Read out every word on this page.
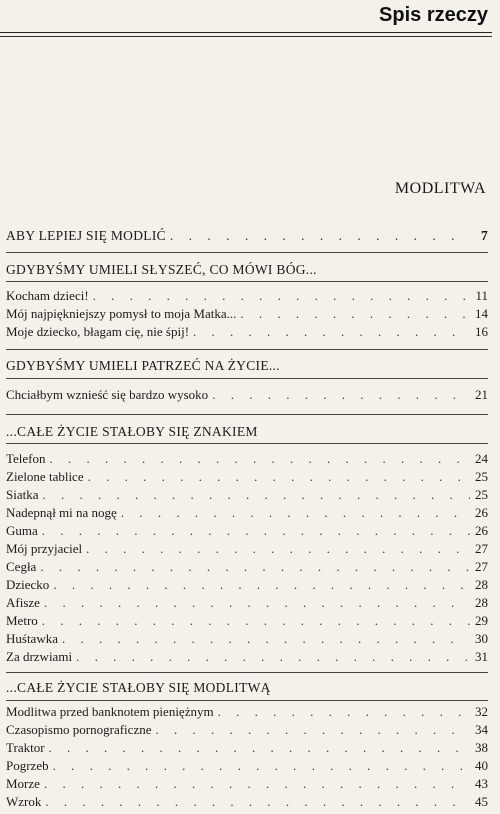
Spis rzeczy
MODLITWA
ABY LEPIEJ SIĘ MODLIĆ . . .	7
GDYBYŚMY UMIELI SŁYSZEĆ, CO MÓWI BÓG...
Kocham dzieci! . . .	11
Mój najpiękniejszy pomysł to moja Matka... . . .	14
Moje dziecko, błagam cię, nie śpij! . . .	16
GDYBYŚMY UMIELI PATRZEĆ NA ŻYCIE...
Chciałbym wznieść się bardzo wysoko . . .	21
...CAŁE ŻYCIE STAŁOBY SIĘ ZNAKIEM
Telefon . . .	24
Zielone tablice . . .	25
Siatka . . .	25
Nadepnął mi na nogę . . .	26
Guma . . .	26
Mój przyjaciel . . .	27
Cegła . . .	27
Dziecko . . .	28
Afisze . . .	28
Metro . . .	29
Huśtawka . . .	30
Za drzwiami . . .	31
...CAŁE ŻYCIE STAŁOBY SIĘ MODLITWĄ
Modlitwa przed banknotem pieniężnym . . .	32
Czasopismo pornograficzne . . .	34
Traktor . . .	38
Pogrzeb . . .	40
Morze . . .	43
Wzrok . . .	45
